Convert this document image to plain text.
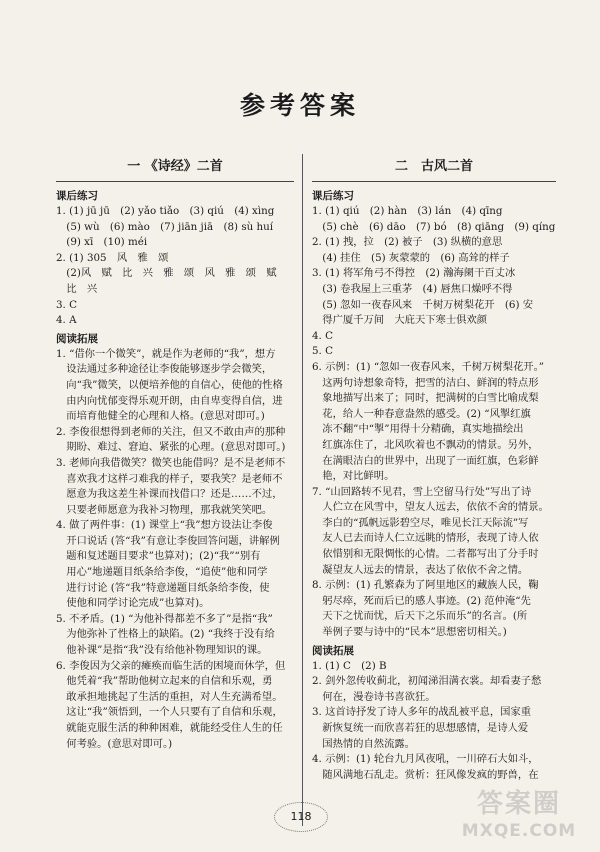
参考答案
一 《诗经》二首
课后练习
1. (1) jū jū　(2) yǎo tiǎo　(3) qiú　(4) xìng
　(5) wù　(6) mào　(7) jiān jiā　(8) sù huí
　(9) xī　(10) méi
2. (1) 305　风　雅　颂
　(2)风　赋　比　兴　雅　颂　风　雅　颂　赋
　比　兴
3. C
4. A
阅读拓展
1. “借你一个微笑”，就是作为老师的“我”，想方
　设法通过多种途径让李俊能够逐步学会微笑，
　向“我”微笑，以便培养他的自信心，使他的性格
　由内向忧郁变得乐观开朗，由自卑变得自信，进
　而培育他健全的心理和人格。(意思对即可。)
2. 李俊很想得到老师的关注，但又不敢由声的那种
　期盼、难过、窘迫、紧张的心理。(意思对即可。)
3. 老师向我借微笑？微笑也能借吗？是不是老师不
　喜欢我才这样刁难我的样子，要我笑？是老师不
　愿意为我这差生补课而找借口？还是……不过，
　只要老师愿意为我补习物理，那我就笑笑吧。
4. 做了两件事：(1) 课堂上“我”想方设法让李俊
　开口说话 (答“我”有意让李俊回答问题，讲解例
　题和复述题目要求”也算对)；(2)“我”“别有
　用心”地递题目纸条给李俊，“追使”他和同学
　进行讨论 (答“我”特意递题目纸条给李俊，使
　使他和同学讨论完成”也算对)。
5. 不矛盾。(1) “为他补得都差不多了”是指“我”
　为他弥补了性格上的缺陷。(2) “我终于没有给
　他补课”是指“我”没有给他补物理知识的课。
6. 李俊因为父亲的瘫痪而临生活的困境而休学，但
　他凭着“我”帮助他树立起来的自信和乐观，勇
　敢承担地挑起了生活的重担，对人生充满希望。
　这让“我”领悟到，一个人只要有了自信和乐观，
　就能克服生活的种种困难，就能经受住人生的任
　何考验。(意思对即可。)
二　古风二首
课后练习
1. (1) qiú　(2) hàn　(3) lán　(4) qīng
　(5) chè　(6) dāo　(7) bó　(8) qiāng　(9) qíng
2. (1) 拽，拉　(2) 被子　(3) 纵横的意思
　(4) 挂住　(5) 灰蒙蒙的　(6) 高耸的样子
3. (1) 将军角弓不得控　(2) 瀚海阑干百丈冰
　(3) 卷我屋上三重茅　(4) 唇焦口燥呼不得
　(5) 忽如一夜春风来　千树万树梨花开　(6) 安
　得广厦千万间　大庇天下寒士俱欢颜
4. C
5. C
6. 示例：(1) “忽如一夜春风来，千树万树梨花开。”
　这两句诗想象奇特，把雪的洁白、鲜润的特点形
　象地描写出来了；同时，把满树的白雪比喻成梨
　花，给人一种春意盎然的感受。(2) “风掣红旗
　冻不翻”中“掣”用得十分精确，真实地描绘出
　红旗冻住了，北风吹着也不飘动的情景。另外，
　在满眼洁白的世界中，出现了一面红旗，色彩鲜
　艳，对比鲜明。
7. “山回路转不见君，雪上空留马行处”写出了诗
　人伫立在风雪中，望友人远去，依依不舍的情景。
　李白的“孤帆远影碧空尽，唯见长江天际流”写
　友人已去而诗人仁立远眺的情形，表现了诗人依
　依惜别和无限惆怅的心情。二者都写出了分手时
　凝望友人远去的情景，表达了依依不舍之情。
8. 示例：(1) 孔繁森为了阿里地区的藏族人民，鞠
　躬尽瘁，死而后已的感人事迹。(2) 范仲淹“先
　天下之忧而忧，后天下之乐而乐”的名言。(所
　举例子要与诗中的“民本”思想密切相关。)
阅读拓展
1. (1) C　(2) B
2. 剑外忽传收蓟北，初闻涕泪满衣裳。却看妻子愁
　何在，漫卷诗书喜欲狂。
3. 这首诗抒发了诗人多年的战乱被平息，国家重
　新恢复统一而欣喜若狂的思想感情，是诗人爱
　国热情的自然流露。
4. 示例：(1) 轮台九月风夜吼，一川碎石大如斗，
　随风满地石乱走。赏析：狂风像发疯的野兽，在
118	答案圈
MXQE.COM
